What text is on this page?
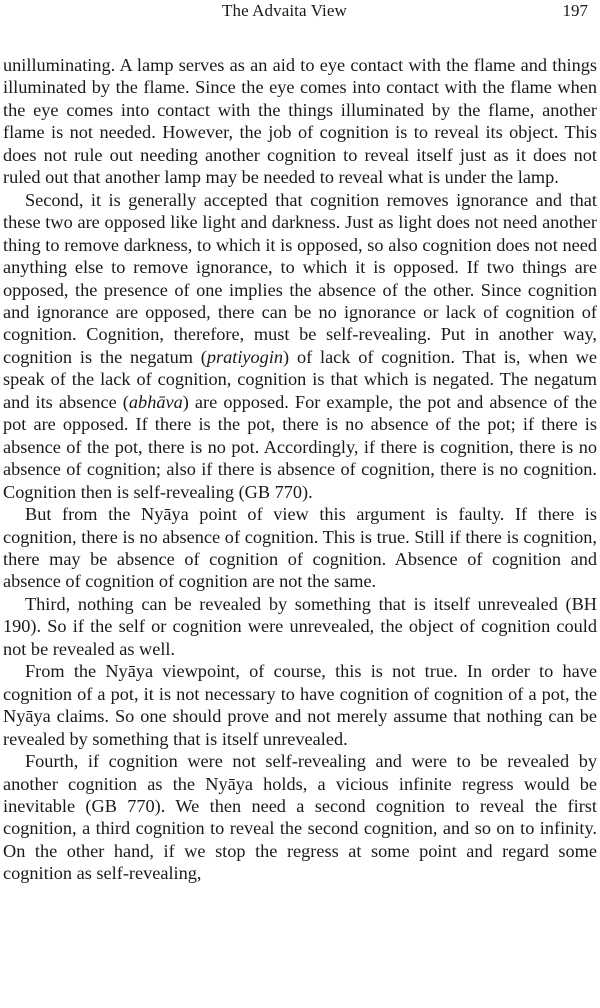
The Advaita View	197

unilluminating. A lamp serves as an aid to eye contact with the flame and things illuminated by the flame. Since the eye comes into contact with the flame when the eye comes into contact with the things illuminated by the flame, another flame is not needed. However, the job of cognition is to reveal its object. This does not rule out needing another cognition to reveal itself just as it does not ruled out that another lamp may be needed to reveal what is under the lamp.

Second, it is generally accepted that cognition removes ignorance and that these two are opposed like light and darkness. Just as light does not need another thing to remove darkness, to which it is opposed, so also cognition does not need anything else to remove ignorance, to which it is opposed. If two things are opposed, the presence of one implies the absence of the other. Since cognition and ignorance are opposed, there can be no ignorance or lack of cognition of cognition. Cognition, therefore, must be self-revealing. Put in another way, cognition is the negatum (pratiyogin) of lack of cognition. That is, when we speak of the lack of cognition, cognition is that which is negated. The negatum and its absence (abhāva) are opposed. For example, the pot and absence of the pot are opposed. If there is the pot, there is no absence of the pot; if there is absence of the pot, there is no pot. Accordingly, if there is cognition, there is no absence of cognition; also if there is absence of cognition, there is no cognition. Cognition then is self-revealing (GB 770).

But from the Nyāya point of view this argument is faulty. If there is cognition, there is no absence of cognition. This is true. Still if there is cognition, there may be absence of cognition of cognition. Absence of cognition and absence of cognition of cognition are not the same.

Third, nothing can be revealed by something that is itself unrevealed (BH 190). So if the self or cognition were unrevealed, the object of cognition could not be revealed as well.

From the Nyāya viewpoint, of course, this is not true. In order to have cognition of a pot, it is not necessary to have cognition of cognition of a pot, the Nyāya claims. So one should prove and not merely assume that nothing can be revealed by something that is itself unrevealed.

Fourth, if cognition were not self-revealing and were to be revealed by another cognition as the Nyāya holds, a vicious infinite regress would be inevitable (GB 770). We then need a second cognition to reveal the first cognition, a third cognition to reveal the second cognition, and so on to infinity. On the other hand, if we stop the regress at some point and regard some cognition as self-revealing,
